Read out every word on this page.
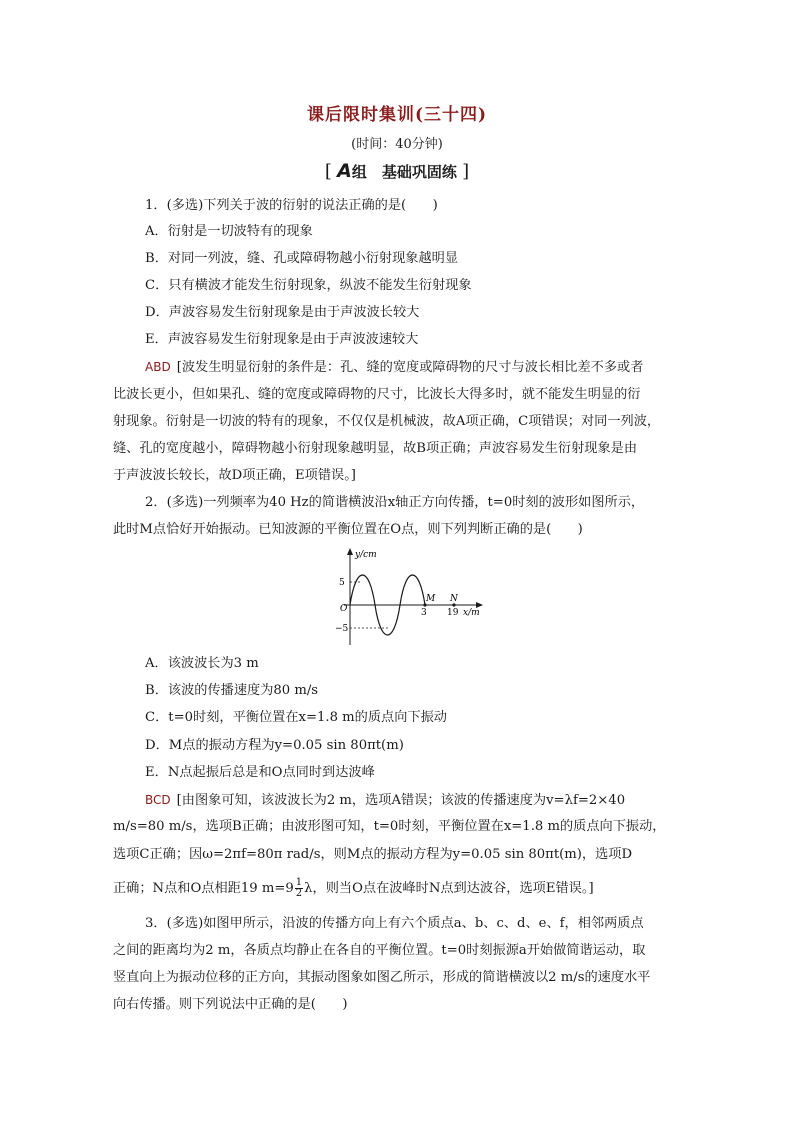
课后限时集训(三十四)
(时间：40分钟)
[ A组　基础巩固练 ]
1．(多选)下列关于波的衍射的说法正确的是(　　)
A．衍射是一切波特有的现象
B．对同一列波，缝、孔或障碍物越小衍射现象越明显
C．只有横波才能发生衍射现象，纵波不能发生衍射现象
D．声波容易发生衍射现象是由于声波波长较大
E．声波容易发生衍射现象是由于声波波速较大
ABD [波发生明显衍射的条件是：孔、缝的宽度或障碍物的尺寸与波长相比差不多或者
比波长更小，但如果孔、缝的宽度或障碍物的尺寸，比波长大得多时，就不能发生明显的衍
射现象。衍射是一切波的特有的现象，不仅仅是机械波，故A项正确，C项错误；对同一列波，
缝、孔的宽度越小，障碍物越小衍射现象越明显，故B项正确；声波容易发生衍射现象是由
于声波波长较长，故D项正确，E项错误。]
2．(多选)一列频率为40 Hz的简谐横波沿x轴正方向传播，t=0时刻的波形如图所示，
此时M点恰好开始振动。已知波源的平衡位置在O点，则下列判断正确的是(　　)
y/cm
5
−5
O
M
3
N
19 x/m
A．该波波长为3 m
B．该波的传播速度为80 m/s
C．t=0时刻，平衡位置在x=1.8 m的质点向下振动
D．M点的振动方程为y=0.05 sin 80πt(m)
E．N点起振后总是和O点同时到达波峰
BCD [由图象可知，该波波长为2 m，选项A错误；该波的传播速度为v=λf=2×40
m/s=80 m/s，选项B正确；由波形图可知，t=0时刻，平衡位置在x=1.8 m的质点向下振动，
选项C正确；因ω=2πf=80π rad/s，则M点的振动方程为y=0.05 sin 80πt(m)，选项D
正确；N点和O点相距19 $m=9 \frac{1}{2}$ λ，则当O点在波峰时N点到达波谷，选项E错误。]
3．(多选)如图甲所示，沿波的传播方向上有六个质点a、b、c、d、e、f，相邻两质点
之间的距离均为2 m，各质点均静止在各自的平衡位置。t=0时刻振源a开始做简谐运动，取
竖直向上为振动位移的正方向，其振动图象如图乙所示，形成的简谐横波以2 m/s的速度水平
向右传播。则下列说法中正确的是(　　)
